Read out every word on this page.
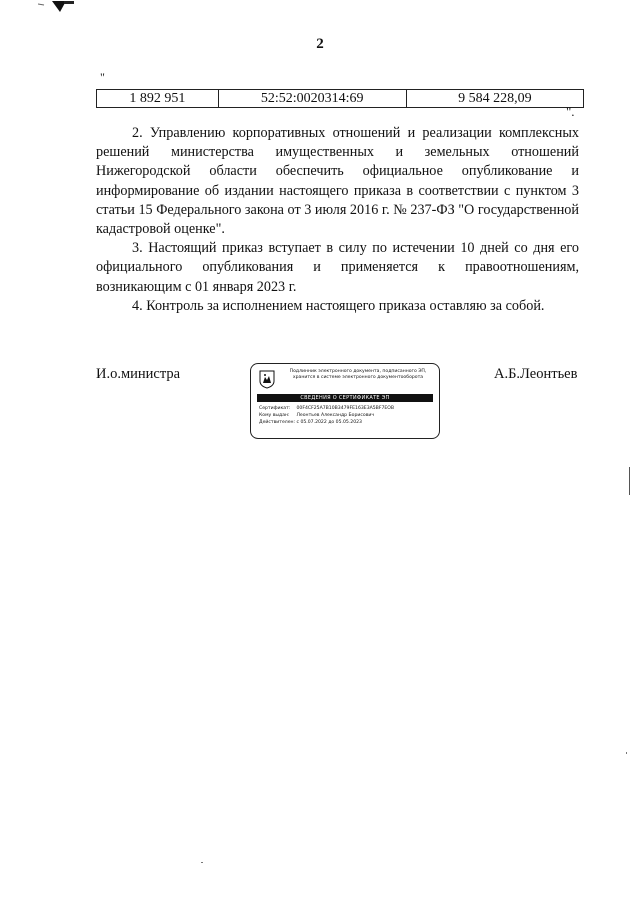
2
"
1 892 951	52:52:0020314:69	9 584 228,09
".

2. Управлению корпоративных отношений и реализации комплексных решений министерства имущественных и земельных отношений Нижегородской области обеспечить официальное опубликование и информирование об издании настоящего приказа в соответствии с пунктом 3 статьи 15 Федерального закона от 3 июля 2016 г. № 237-ФЗ "О государственной кадастровой оценке".

3. Настоящий приказ вступает в силу по истечении 10 дней со дня его официального опубликования и применяется к правоотношениям, возникающим с 01 января 2023 г.

4. Контроль за исполнением настоящего приказа оставляю за собой.

И.о.министра	Подлинник электронного документа, подписанного ЭП,
хранится в системе электронного документооборота
СВЕДЕНИЯ О СЕРТИФИКАТЕ ЭП
Сертификат: 00F4CF25A7B10B3479FE163E3A5BF7EOB
Кому выдан: Леонтьев Александр Борисович
Действителен: с 05.07.2022 до 05.05.2023
А.Б.Леонтьев
